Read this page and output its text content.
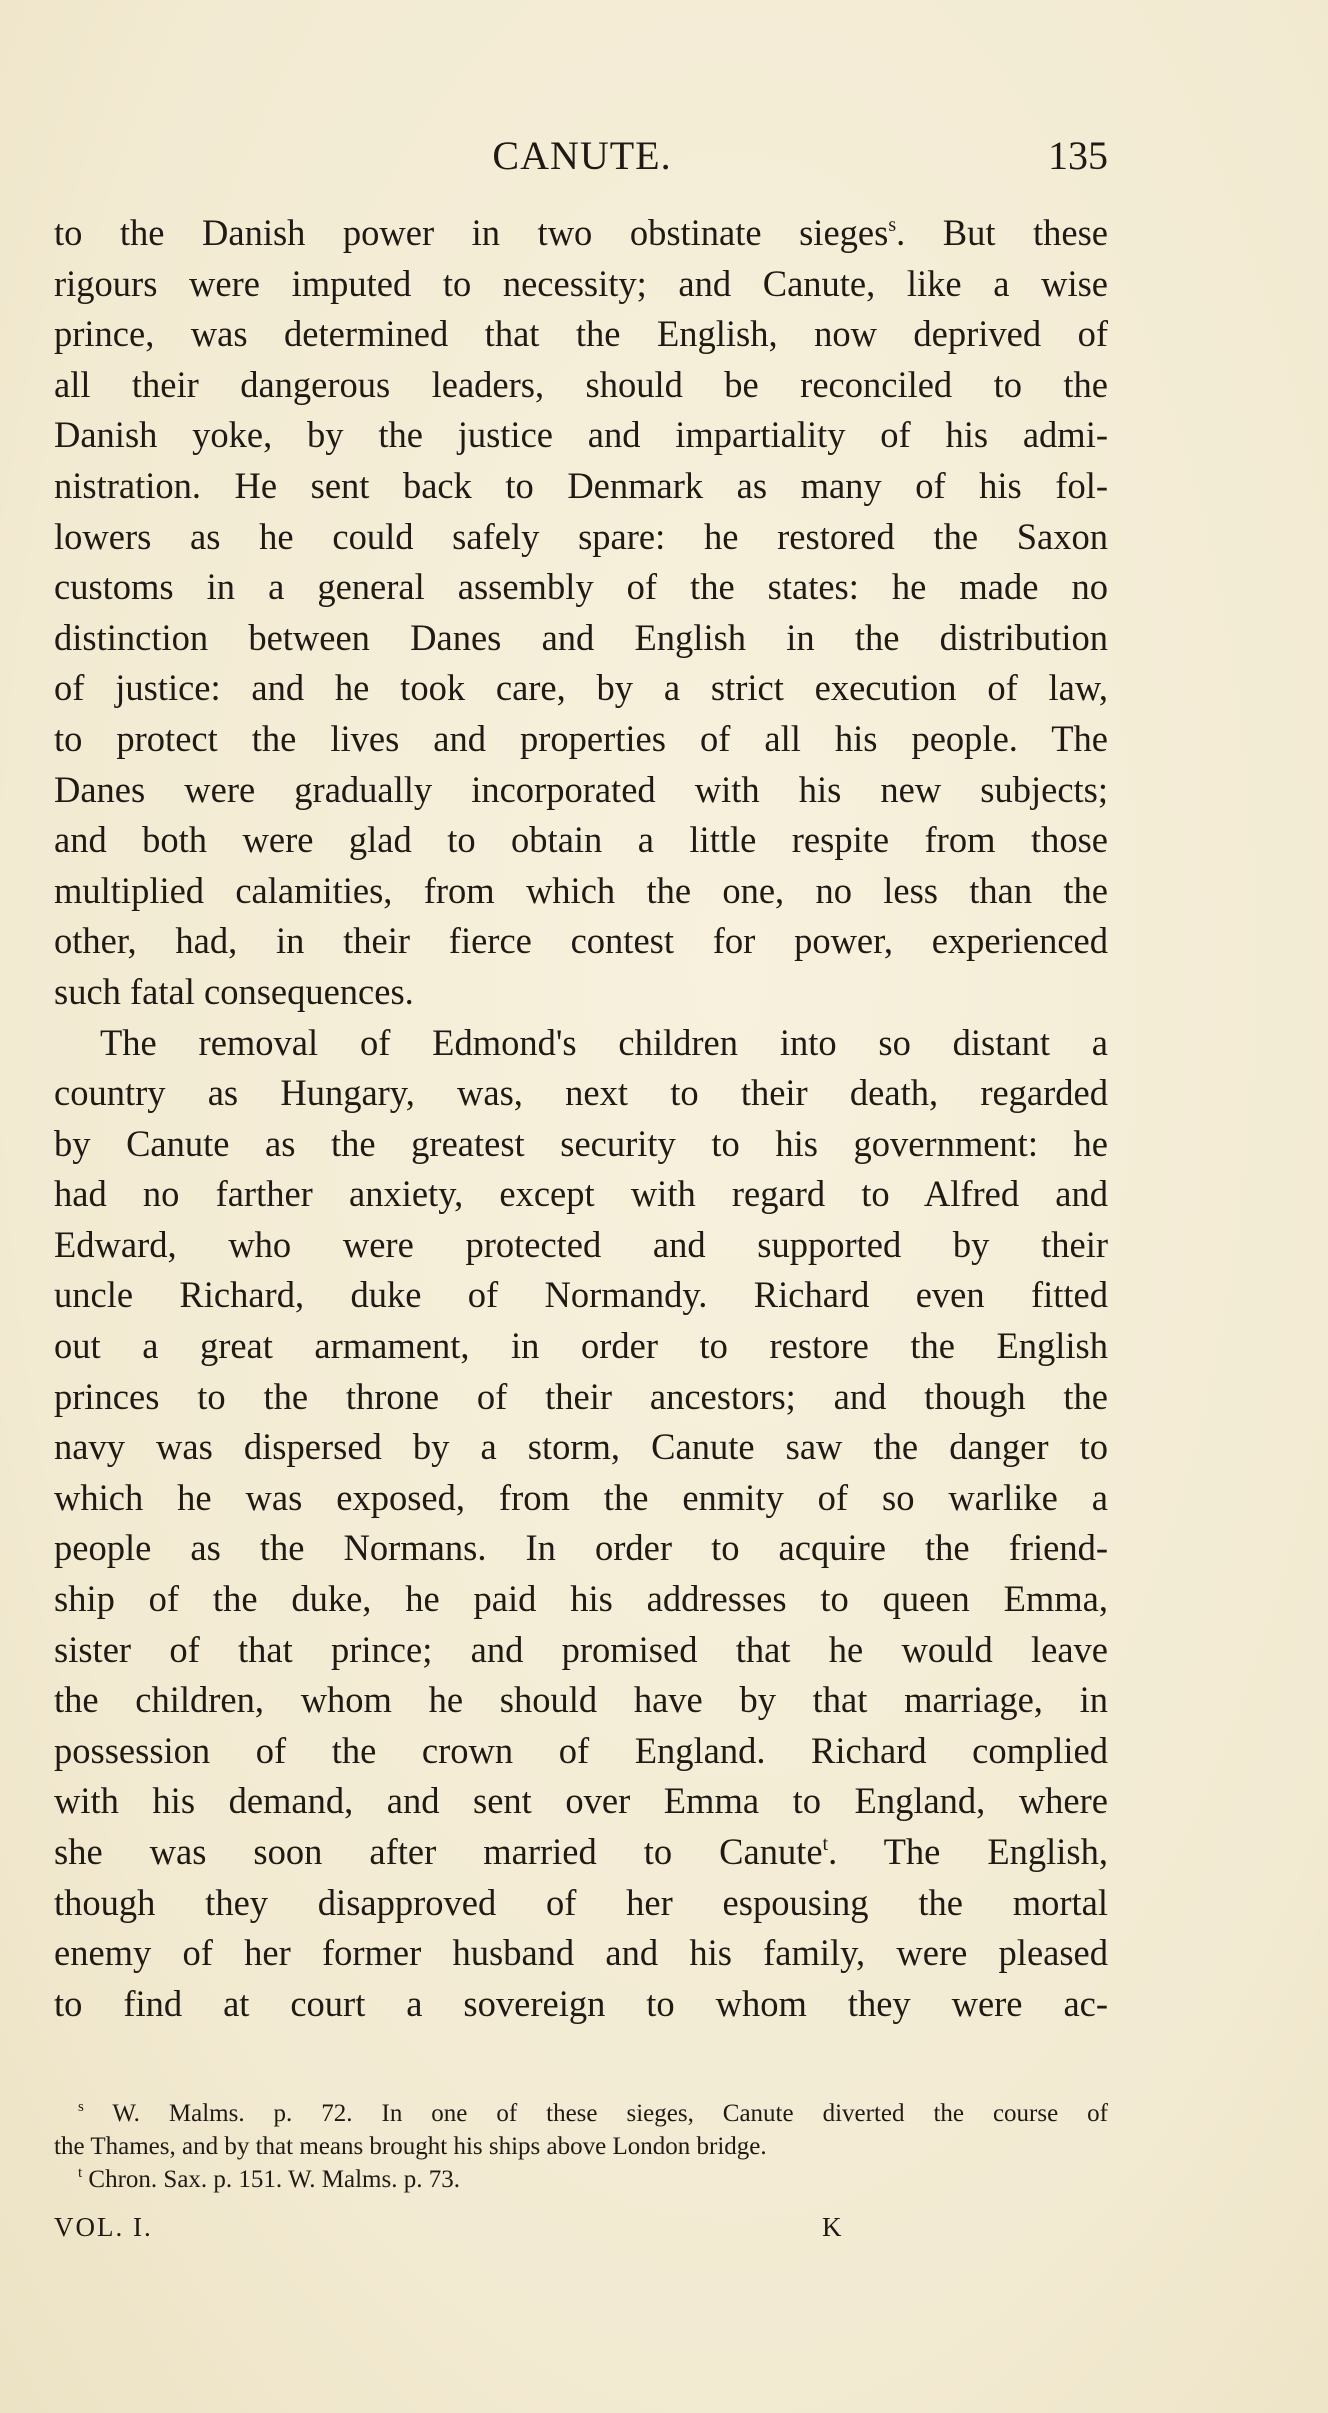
CANUTE.	135
to the Danish power in two obstinate sieges$^s$. But these
rigours were imputed to necessity; and Canute, like a wise
prince, was determined that the English, now deprived of
all their dangerous leaders, should be reconciled to the
Danish yoke, by the justice and impartiality of his admi-
nistration. He sent back to Denmark as many of his fol-
lowers as he could safely spare: he restored the Saxon
customs in a general assembly of the states: he made no
distinction between Danes and English in the distribution
of justice: and he took care, by a strict execution of law,
to protect the lives and properties of all his people. The
Danes were gradually incorporated with his new subjects;
and both were glad to obtain a little respite from those
multiplied calamities, from which the one, no less than the
other, had, in their fierce contest for power, experienced
such fatal consequences.
The removal of Edmond's children into so distant a
country as Hungary, was, next to their death, regarded
by Canute as the greatest security to his government: he
had no farther anxiety, except with regard to Alfred and
Edward, who were protected and supported by their
uncle Richard, duke of Normandy. Richard even fitted
out a great armament, in order to restore the English
princes to the throne of their ancestors; and though the
navy was dispersed by a storm, Canute saw the danger to
which he was exposed, from the enmity of so warlike a
people as the Normans. In order to acquire the friend-
ship of the duke, he paid his addresses to queen Emma,
sister of that prince; and promised that he would leave
the children, whom he should have by that marriage, in
possession of the crown of England. Richard complied
with his demand, and sent over Emma to England, where
she was soon after married to Canute$^t$. The English,
though they disapproved of her espousing the mortal
enemy of her former husband and his family, were pleased
to find at court a sovereign to whom they were ac-
$^s$ W. Malms. p. 72. In one of these sieges, Canute diverted the course of
the Thames, and by that means brought his ships above London bridge.
$^t$ Chron. Sax. p. 151. W. Malms. p. 73.
VOL. I.	K
